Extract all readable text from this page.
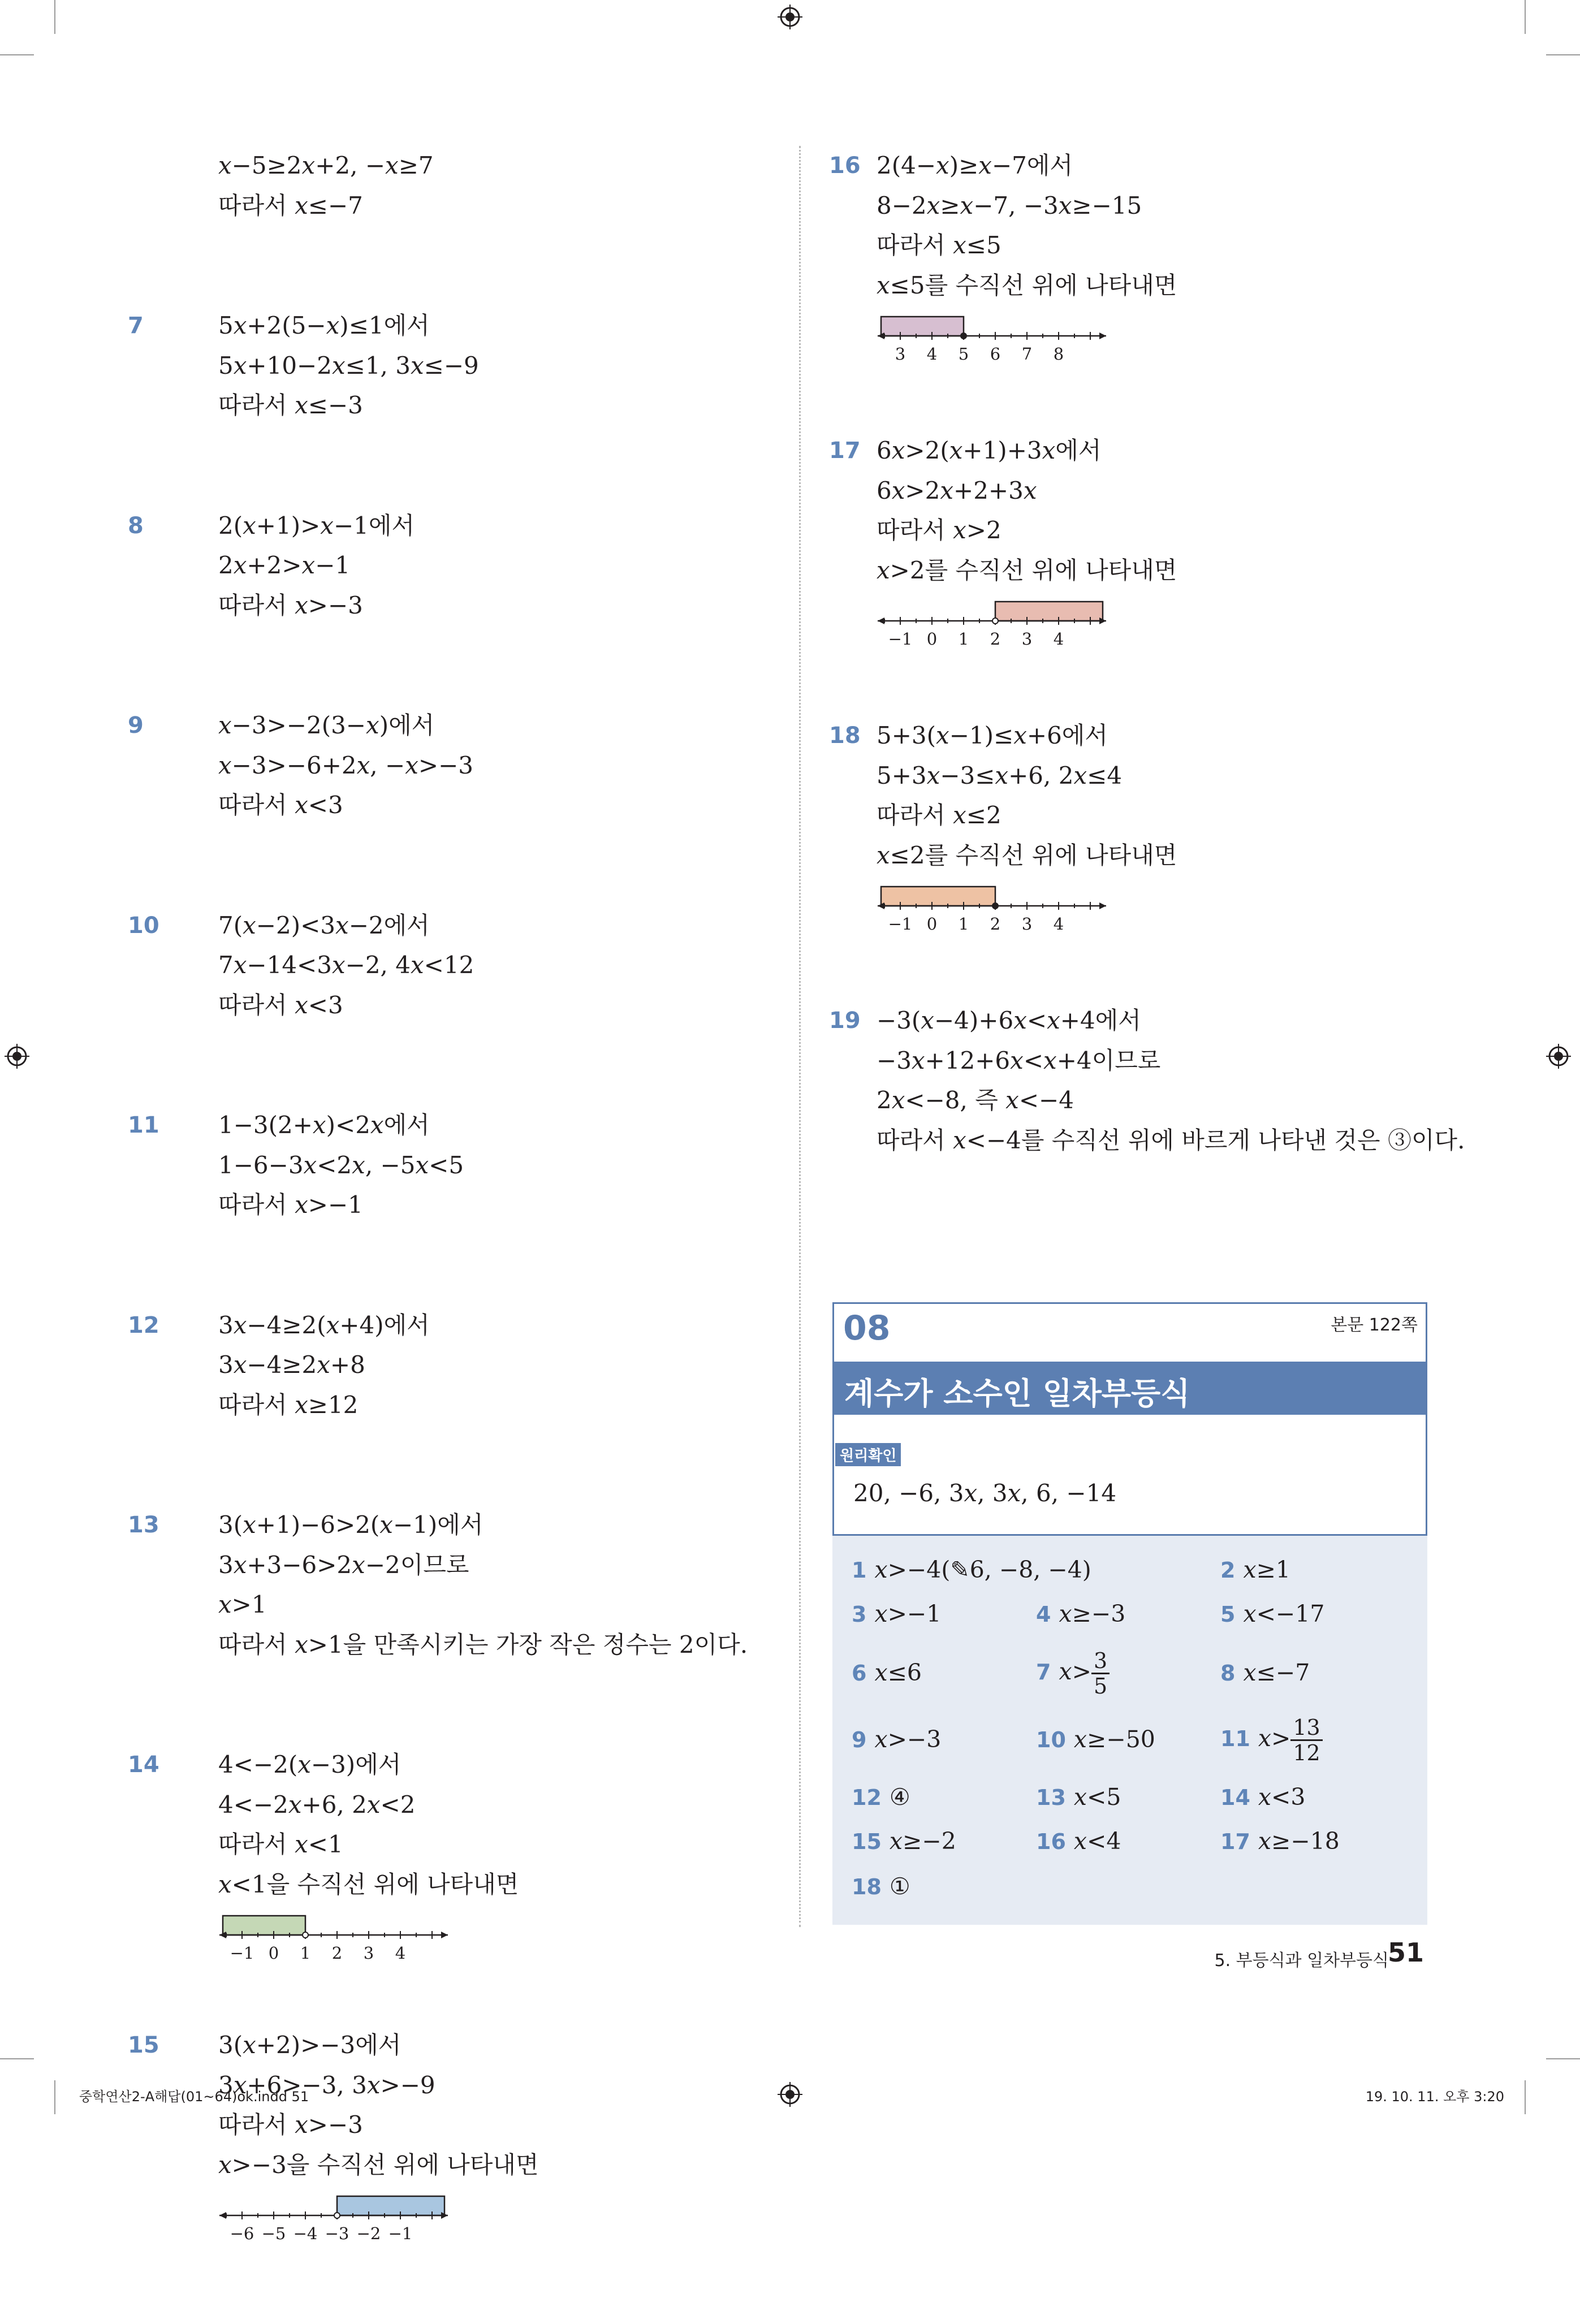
𝑥−5≥2𝑥+2, −𝑥≥7
따라서 𝑥≤−7
7	5𝑥+2(5−𝑥)≤1에서
5𝑥+10−2𝑥≤1, 3𝑥≤−9
따라서 𝑥≤−3
8	2(𝑥+1)>𝑥−1에서
2𝑥+2>𝑥−1
따라서 𝑥>−3
9	𝑥−3>−2(3−𝑥)에서
𝑥−3>−6+2𝑥, −𝑥>−3
따라서 𝑥<3
10	7(𝑥−2)<3𝑥−2에서
7𝑥−14<3𝑥−2, 4𝑥<12
따라서 𝑥<3
11	1−3(2+𝑥)<2𝑥에서
1−6−3𝑥<2𝑥, −5𝑥<5
따라서 𝑥>−1
12	3𝑥−4≥2(𝑥+4)에서
3𝑥−4≥2𝑥+8
따라서 𝑥≥12
13	3(𝑥+1)−6>2(𝑥−1)에서
3𝑥+3−6>2𝑥−2이므로
𝑥>1
따라서 𝑥>1을 만족시키는 가장 작은 정수는 2이다.
14	4<−2(𝑥−3)에서
4<−2𝑥+6, 2𝑥<2
따라서 𝑥<1
𝑥<1을 수직선 위에 나타내면
−1 0 1 2 3 4
15	3(𝑥+2)>−3에서
3𝑥+6>−3, 3𝑥>−9
따라서 𝑥>−3
𝑥>−3을 수직선 위에 나타내면
−6 −5 −4 −3 −2 −1
16 2(4−𝑥)≥𝑥−7에서
8−2𝑥≥𝑥−7, −3𝑥≥−15
따라서 𝑥≤5
𝑥≤5를 수직선 위에 나타내면
3 4 5 6 7 8
17 6𝑥>2(𝑥+1)+3𝑥에서
6𝑥>2𝑥+2+3𝑥
따라서 𝑥>2
𝑥>2를 수직선 위에 나타내면
−1 0 1 2 3 4
18 5+3(𝑥−1)≤𝑥+6에서
5+3𝑥−3≤𝑥+6, 2𝑥≤4
따라서 𝑥≤2
𝑥≤2를 수직선 위에 나타내면
−1 0 1 2 3 4
19 −3(𝑥−4)+6𝑥<𝑥+4에서
−3𝑥+12+6𝑥<𝑥+4이므로
2𝑥<−8, 즉 𝑥<−4
따라서 𝑥<−4를 수직선 위에 바르게 나타낸 것은 ③이다.
08	본문 122쪽
계수가 소수인 일차부등식
원리확인
20, −6, 3𝑥, 3𝑥, 6, −14
1 𝑥>−4(✎6, −8, −4)	2 𝑥≥1
3 𝑥>−1	4 𝑥≥−3	5 𝑥<−17
6 𝑥≤6	7 𝑥> $\frac{3}{5}$	8 𝑥≤−7
9 𝑥>−3	10 𝑥≥−50	11 𝑥> $\frac{13}{12}$
12 ④	13 𝑥<5	14 𝑥<3
15 𝑥≥−2	16 𝑥<4	17 𝑥≥−18
18 ①
5. 부등식과 일차부등식
51
중학연산2-A해답(01~64)ok.indd 51	19. 10. 11. 오후 3:20
